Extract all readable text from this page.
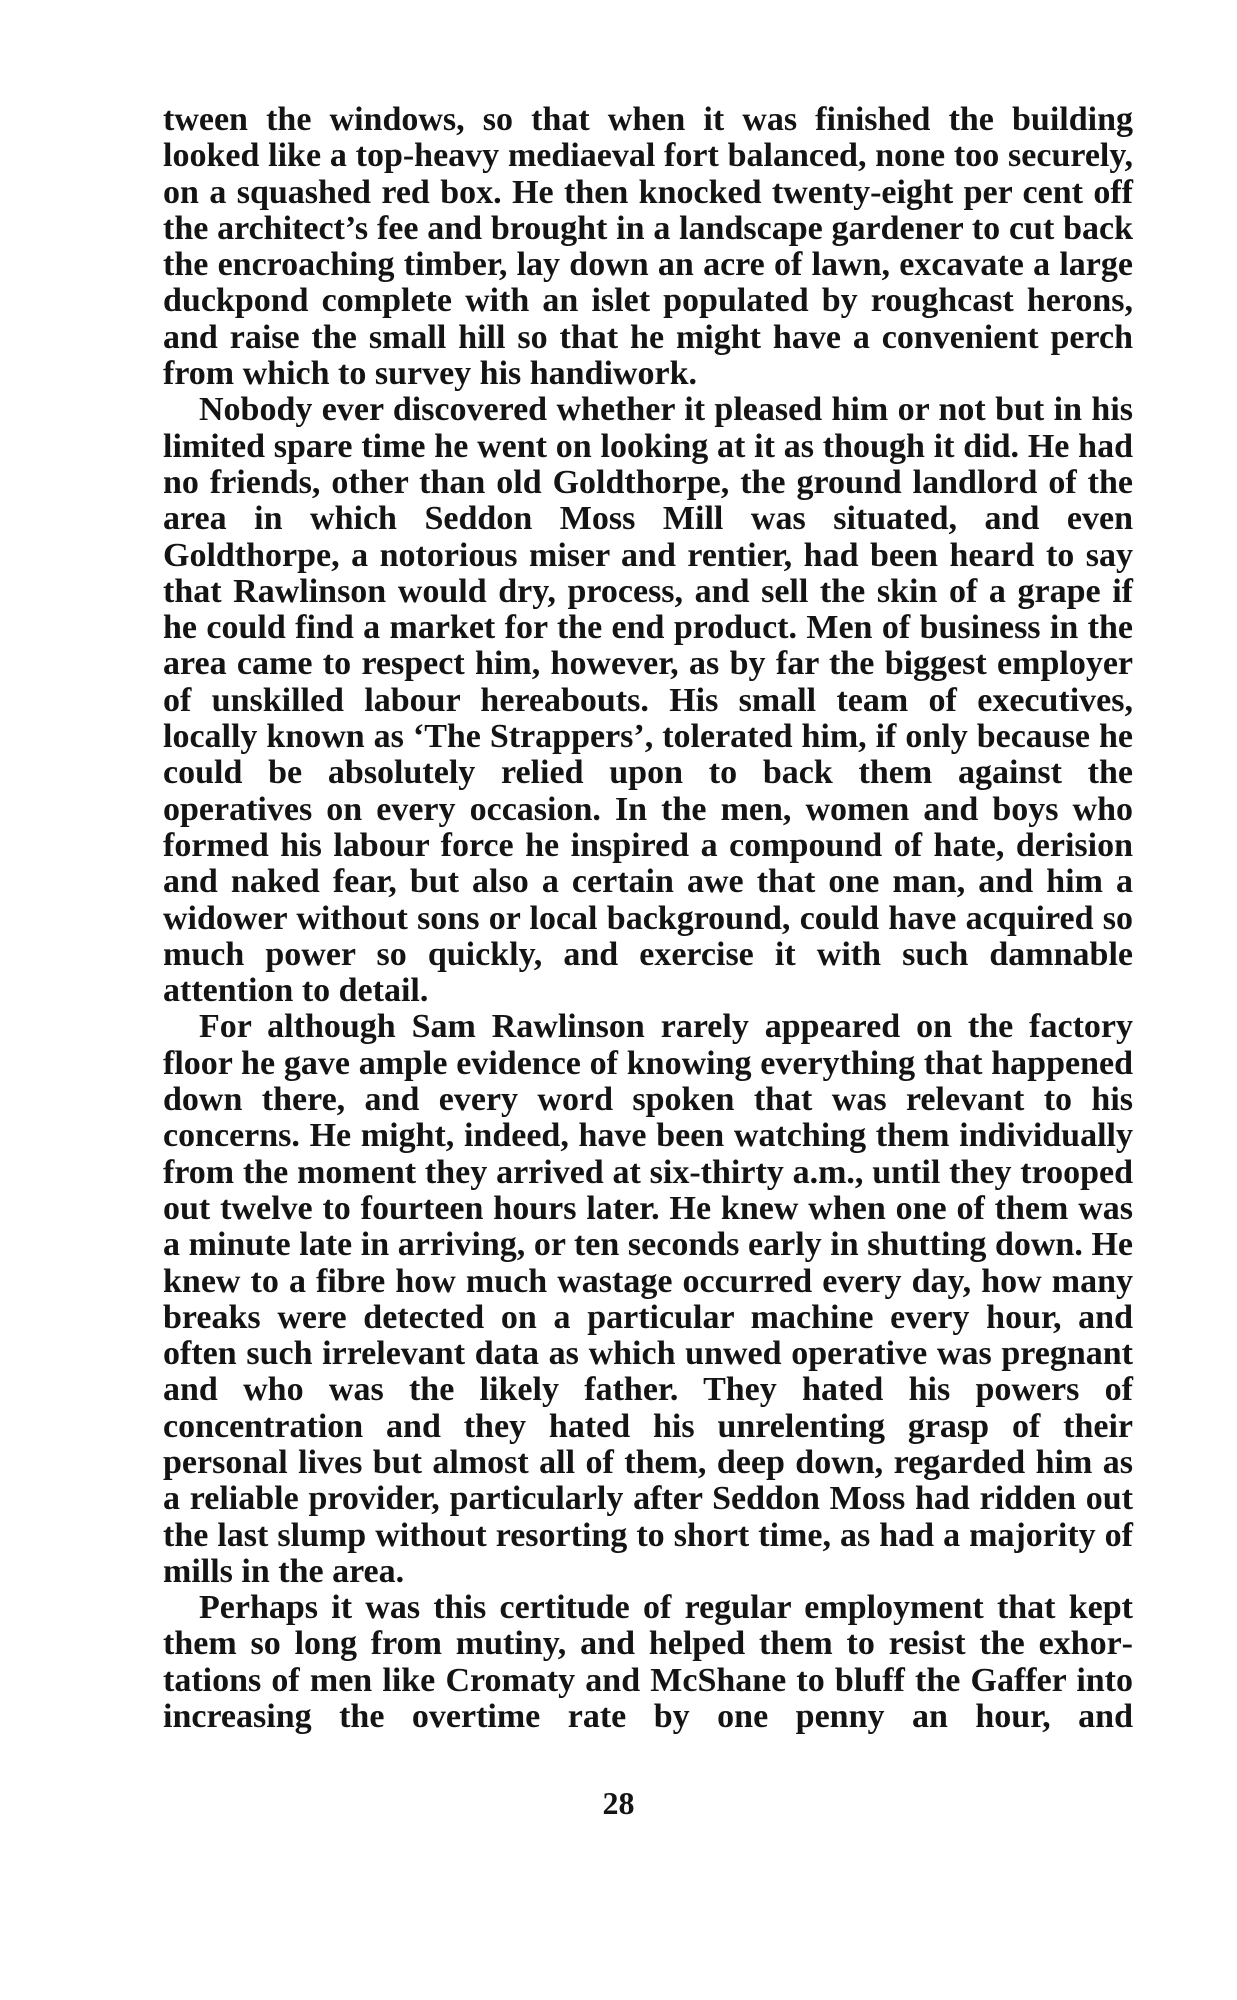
tween the windows, so that when it was finished the building looked like a top-heavy mediaeval fort balanced, none too securely, on a squashed red box. He then knocked twenty-eight per cent off the architect’s fee and brought in a landscape gardener to cut back the encroaching timber, lay down an acre of lawn, excavate a large duckpond complete with an islet populated by roughcast herons, and raise the small hill so that he might have a convenient perch from which to survey his handiwork.

Nobody ever discovered whether it pleased him or not but in his limited spare time he went on looking at it as though it did. He had no friends, other than old Goldthorpe, the ground landlord of the area in which Seddon Moss Mill was situated, and even Goldthorpe, a notorious miser and rentier, had been heard to say that Rawlinson would dry, process, and sell the skin of a grape if he could find a market for the end product. Men of business in the area came to respect him, however, as by far the biggest employer of unskilled labour hereabouts. His small team of executives, locally known as ‘The Strappers’, tolerated him, if only because he could be absolutely relied upon to back them against the operatives on every occasion. In the men, women and boys who formed his labour force he inspired a compound of hate, derision and naked fear, but also a certain awe that one man, and him a widower without sons or local background, could have acquired so much power so quickly, and exercise it with such damnable attention to detail.

For although Sam Rawlinson rarely appeared on the factory floor he gave ample evidence of knowing everything that happened down there, and every word spoken that was relevant to his concerns. He might, indeed, have been watching them individually from the moment they arrived at six-thirty a.m., until they trooped out twelve to fourteen hours later. He knew when one of them was a minute late in arriving, or ten seconds early in shutting down. He knew to a fibre how much wastage occurred every day, how many breaks were detected on a particular machine every hour, and often such irrelevant data as which unwed operative was pregnant and who was the likely father. They hated his powers of concentration and they hated his unrelenting grasp of their personal lives but almost all of them, deep down, regarded him as a reliable provider, particularly after Seddon Moss had ridden out the last slump without resorting to short time, as had a majority of mills in the area.

Perhaps it was this certitude of regular employment that kept them so long from mutiny, and helped them to resist the exhortations of men like Cromaty and McShane to bluff the Gaffer into increasing the overtime rate by one penny an hour, and

28
